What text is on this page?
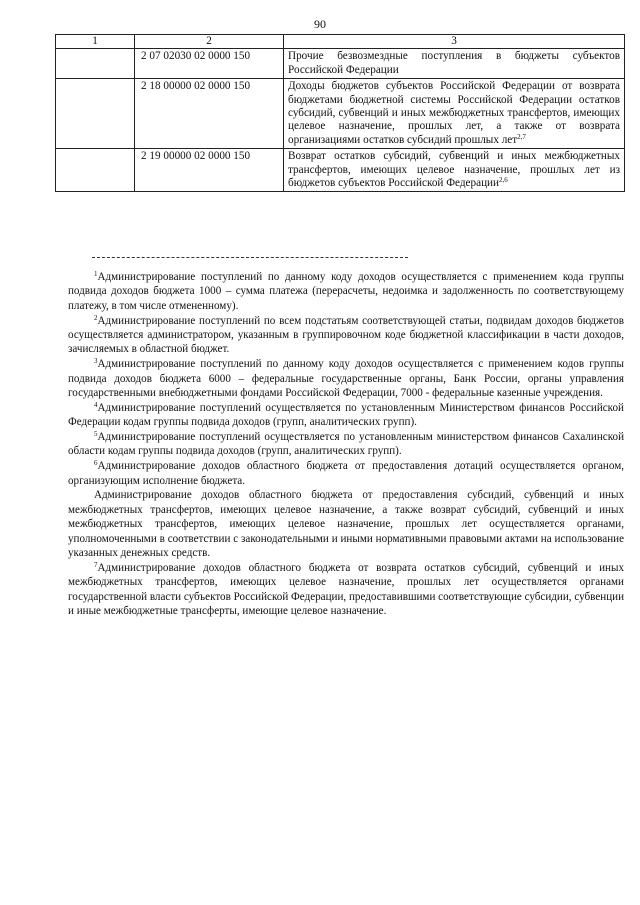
90
1	2	3
	2 07 02030 02 0000 150	Прочие безвозмездные поступления в бюджеты субъектов Российской Федерации
	2 18 00000 02 0000 150	Доходы бюджетов субъектов Российской Федерации от возврата бюджетами бюджетной системы Российской Федерации остатков субсидий, субвенций и иных межбюджетных трансфертов, имеющих целевое назначение, прошлых лет, а также от возврата организациями остатков субсидий прошлых лет$^{2,7}$
	2 19 00000 02 0000 150	Возврат остатков субсидий, субвенций и иных межбюджетных трансфертов, имеющих целевое назначение, прошлых лет из бюджетов субъектов Российской Федерации$^{2,6}$

$^1$Администрирование поступлений по данному коду доходов осуществляется с применением кода группы подвида доходов бюджета 1000 – сумма платежа (перерасчеты, недоимка и задолженность по соответствующему платежу, в том числе отмененному).

$^2$Администрирование поступлений по всем подстатьям соответствующей статьи, подвидам доходов бюджетов осуществляется администратором, указанным в группировочном коде бюджетной классификации в части доходов, зачисляемых в областной бюджет.

$^3$Администрирование поступлений по данному коду доходов осуществляется с применением кодов группы подвида доходов бюджета 6000 – федеральные государственные органы, Банк России, органы управления государственными внебюджетными фондами Российской Федерации, 7000 - федеральные казенные учреждения.

$^4$Администрирование поступлений осуществляется по установленным Министерством финансов Российской Федерации кодам группы подвида доходов (групп, аналитических групп).

$^5$Администрирование поступлений осуществляется по установленным министерством финансов Сахалинской области кодам группы подвида доходов (групп, аналитических групп).

$^6$Администрирование доходов областного бюджета от предоставления дотаций осуществляется органом, организующим исполнение бюджета.

Администрирование доходов областного бюджета от предоставления субсидий, субвенций и иных межбюджетных трансфертов, имеющих целевое назначение, а также возврат субсидий, субвенций и иных межбюджетных трансфертов, имеющих целевое назначение, прошлых лет осуществляется органами, уполномоченными в соответствии с законодательными и иными нормативными правовыми актами на использование указанных денежных средств.

$^7$Администрирование доходов областного бюджета от возврата остатков субсидий, субвенций и иных межбюджетных трансфертов, имеющих целевое назначение, прошлых лет осуществляется органами государственной власти субъектов Российской Федерации, предоставившими соответствующие субсидии, субвенции и иные межбюджетные трансферты, имеющие целевое назначение.
